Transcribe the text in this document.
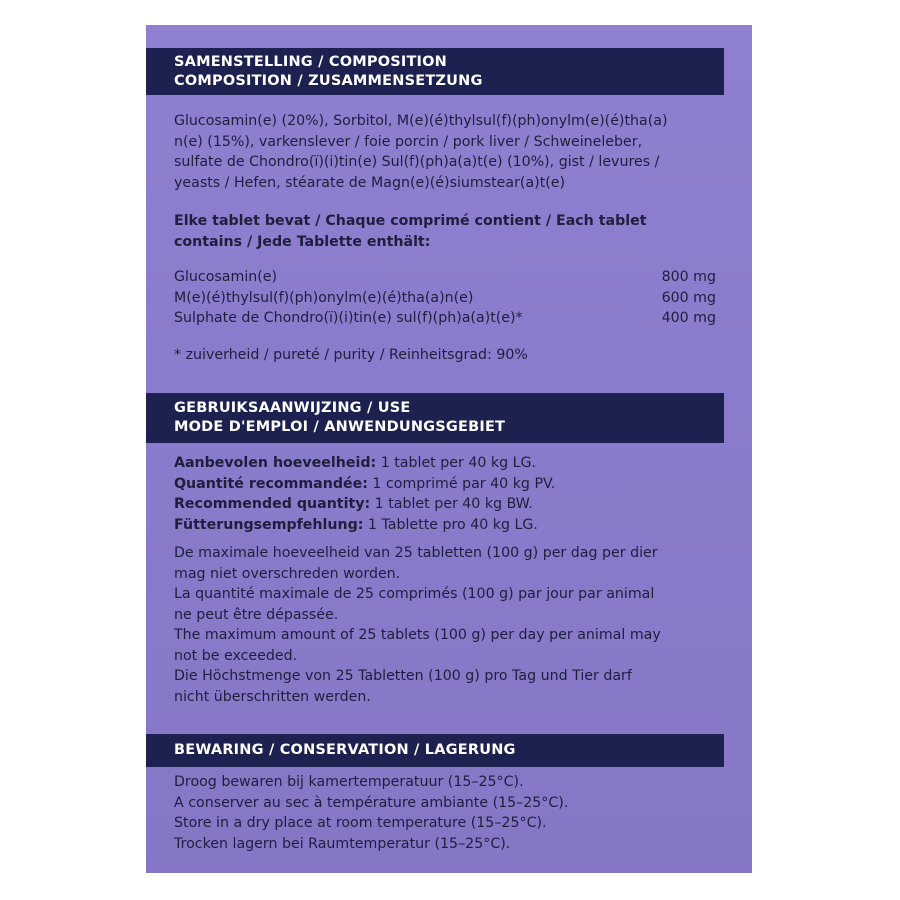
SAMENSTELLING / COMPOSITION
COMPOSITION / ZUSAMMENSETZUNG
Glucosamin(e) (20%), Sorbitol, M(e)(é)thylsul(f)(ph)onylm(e)(é)tha(a)
n(e) (15%), varkenslever / foie porcin / pork liver / Schweineleber,
sulfate de Chondro(ï)(i)tin(e) Sul(f)(ph)a(a)t(e) (10%), gist / levures /
yeasts / Hefen, stéarate de Magn(e)(é)siumstear(a)t(e)
Elke tablet bevat / Chaque comprimé contient / Each tablet
contains / Jede Tablette enthält:
Glucosamin(e)	800 mg
M(e)(é)thylsul(f)(ph)onylm(e)(é)tha(a)n(e)	600 mg
Sulphate de Chondro(ï)(i)tin(e) sul(f)(ph)a(a)t(e)*	400 mg
* zuiverheid / pureté / purity / Reinheitsgrad: 90%
GEBRUIKSAANWIJZING / USE
MODE D'EMPLOI / ANWENDUNGSGEBIET
Aanbevolen hoeveelheid: 1 tablet per 40 kg LG.
Quantité recommandée: 1 comprimé par 40 kg PV.
Recommended quantity: 1 tablet per 40 kg BW.
Fütterungsempfehlung: 1 Tablette pro 40 kg LG.
De maximale hoeveelheid van 25 tabletten (100 g) per dag per dier
mag niet overschreden worden.
La quantité maximale de 25 comprimés (100 g) par jour par animal
ne peut être dépassée.
The maximum amount of 25 tablets (100 g) per day per animal may
not be exceeded.
Die Höchstmenge von 25 Tabletten (100 g) pro Tag und Tier darf
nicht überschritten werden.
BEWARING / CONSERVATION / LAGERUNG
Droog bewaren bij kamertemperatuur (15–25°C).
A conserver au sec à température ambiante (15–25°C).
Store in a dry place at room temperature (15–25°C).
Trocken lagern bei Raumtemperatur (15–25°C).
